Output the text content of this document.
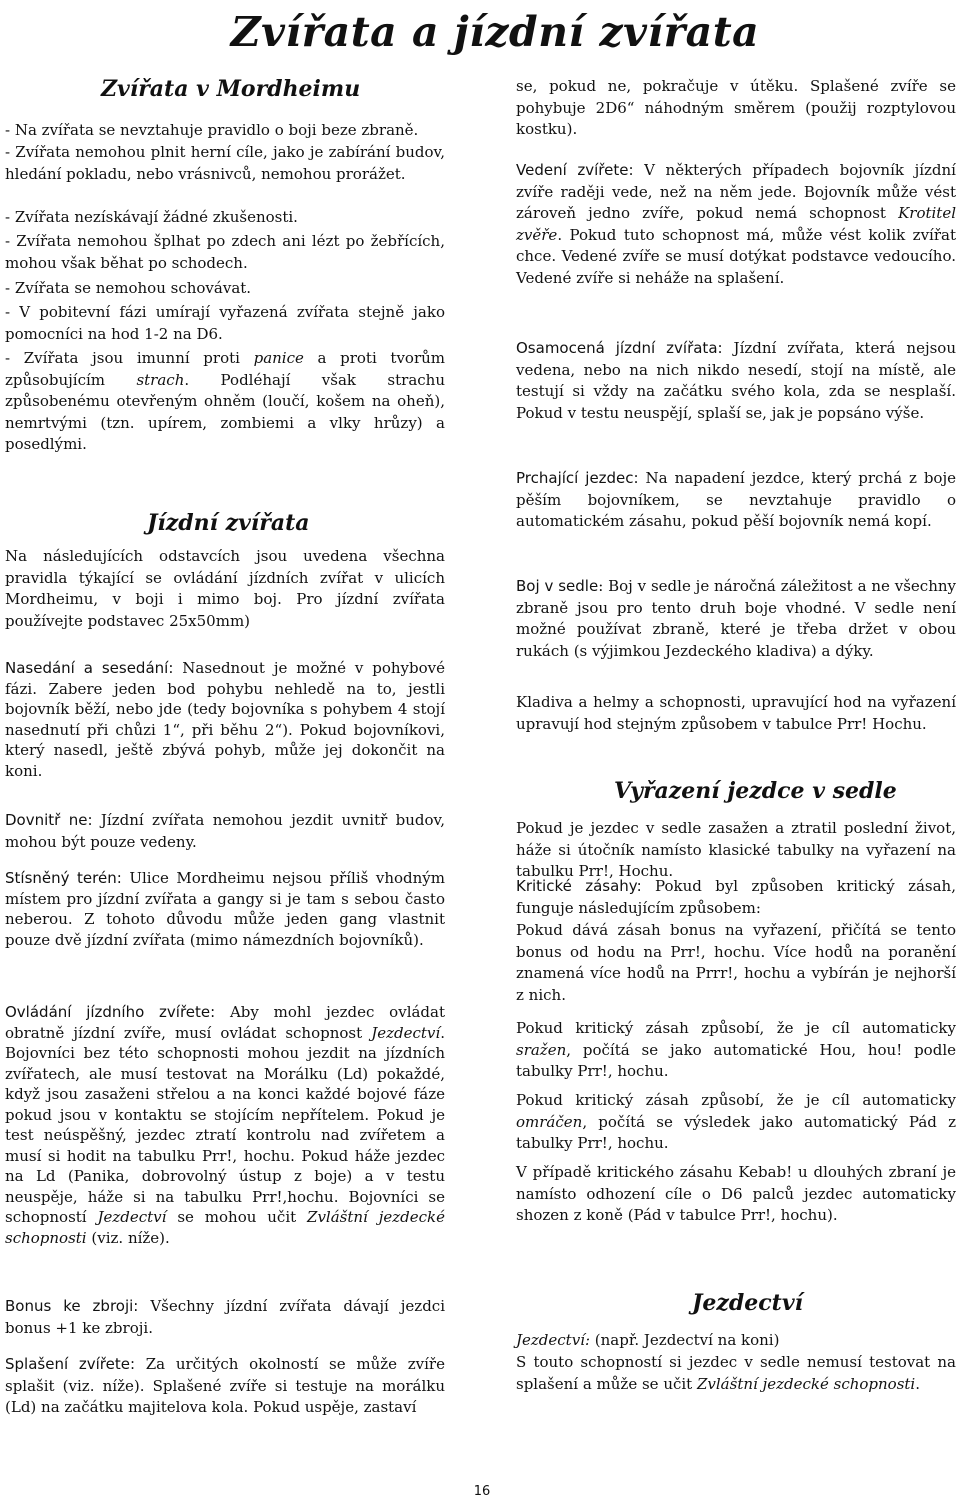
Zvířata a jízdní zvířata
Zvířata v Mordheimu

- Na zvířata se nevztahuje pravidlo o boji beze zbraně.

- Zvířata nemohou plnit herní cíle, jako je zabírání budov, hledání pokladu, nebo vrásnivců, nemohou prorážet.

- Zvířata nezískávají žádné zkušenosti.

- Zvířata nemohou šplhat po zdech ani lézt po žebřících, mohou však běhat po schodech.

- Zvířata se nemohou schovávat.

- V pobitevní fázi umírají vyřazená zvířata stejně jako pomocníci na hod 1-2 na D6.

- Zvířata jsou imunní proti panice a proti tvorům způsobujícím strach. Podléhají však strachu způsobenému otevřeným ohněm (loučí, košem na oheň), nemrtvými (tzn. upírem, zombiemi a vlky hrůzy) a posedlými.

Jízdní zvířata

Na následujících odstavcích jsou uvedena všechna pravidla týkající se ovládání jízdních zvířat v ulicích Mordheimu, v boji i mimo boj. Pro jízdní zvířata používejte podstavec 25x50mm)

Nasedání a sesedání: Nasednout je možné v pohybové fázi. Zabere jeden bod pohybu nehledě na to, jestli bojovník běží, nebo jde (tedy bojovníka s pohybem 4 stojí nasednutí při chůzi 1“, při běhu 2“). Pokud bojovníkovi, který nasedl, ještě zbývá pohyb, může jej dokončit na koni.

Dovnitř ne: Jízdní zvířata nemohou jezdit uvnitř budov, mohou být pouze vedeny.

Stísněný terén: Ulice Mordheimu nejsou příliš vhodným místem pro jízdní zvířata a gangy si je tam s sebou často neberou. Z tohoto důvodu může jeden gang vlastnit pouze dvě jízdní zvířata (mimo námezdních bojovníků).

Ovládání jízdního zvířete: Aby mohl jezdec ovládat obratně jízdní zvíře, musí ovládat schopnost Jezdectví. Bojovníci bez této schopnosti mohou jezdit na jízdních zvířatech, ale musí testovat na Morálku (Ld) pokaždé, když jsou zasaženi střelou a na konci každé bojové fáze pokud jsou v kontaktu se stojícím nepřítelem. Pokud je test neúspěšný, jezdec ztratí kontrolu nad zvířetem a musí si hodit na tabulku Prr!, hochu. Pokud háže jezdec na Ld (Panika, dobrovolný ústup z boje) a v testu neuspěje, háže si na tabulku Prr!,hochu. Bojovníci se schopností Jezdectví se mohou učit Zvláštní jezdecké schopnosti (viz. níže).

Bonus ke zbroji: Všechny jízdní zvířata dávají jezdci bonus +1 ke zbroji.

Splašení zvířete: Za určitých okolností se může zvíře splašit (viz. níže). Splašené zvíře si testuje na morálku (Ld) na začátku majitelova kola. Pokud uspěje, zastaví

se, pokud ne, pokračuje v útěku. Splašené zvíře se pohybuje 2D6“ náhodným směrem (použij rozptylovou kostku).

Vedení zvířete: V některých případech bojovník jízdní zvíře raději vede, než na něm jede. Bojovník může vést zároveň jedno zvíře, pokud nemá schopnost Krotitel zvěře. Pokud tuto schopnost má, může vést kolik zvířat chce. Vedené zvíře se musí dotýkat podstavce vedoucího. Vedené zvíře si neháže na splašení.

Osamocená jízdní zvířata: Jízdní zvířata, která nejsou vedena, nebo na nich nikdo nesedí, stojí na místě, ale testují si vždy na začátku svého kola, zda se nesplaší. Pokud v testu neuspějí, splaší se, jak je popsáno výše.

Prchající jezdec: Na napadení jezdce, který prchá z boje pěším bojovníkem, se nevztahuje pravidlo o automatickém zásahu, pokud pěší bojovník nemá kopí.

Boj v sedle: Boj v sedle je náročná záležitost a ne všechny zbraně jsou pro tento druh boje vhodné. V sedle není možné používat zbraně, které je třeba držet v obou rukách (s výjimkou Jezdeckého kladiva) a dýky.

Kladiva a helmy a schopnosti, upravující hod na vyřazení upravují hod stejným způsobem v tabulce Prr! Hochu.

Vyřazení jezdce v sedle

Pokud je jezdec v sedle zasažen a ztratil poslední život, háže si útočník namísto klasické tabulky na vyřazení na tabulku Prr!, Hochu.

Kritické zásahy: Pokud byl způsoben kritický zásah, funguje následujícím způsobem:

Pokud dává zásah bonus na vyřazení, přičítá se tento bonus od hodu na Prr!, hochu. Více hodů na poranění znamená více hodů na Prrr!, hochu a vybírán je nejhorší z nich.

Pokud kritický zásah způsobí, že je cíl automaticky sražen, počítá se jako automatické Hou, hou! podle tabulky Prr!, hochu.

Pokud kritický zásah způsobí, že je cíl automaticky omráčen, počítá se výsledek jako automatický Pád z tabulky Prr!, hochu.

V případě kritického zásahu Kebab! u dlouhých zbraní je namísto odhození cíle o D6 palců jezdec automaticky shozen z koně (Pád v tabulce Prr!, hochu).

Jezdectví

Jezdectví: (např. Jezdectví na koni)

S touto schopností si jezdec v sedle nemusí testovat na splašení a může se učit Zvláštní jezdecké schopnosti.

16
